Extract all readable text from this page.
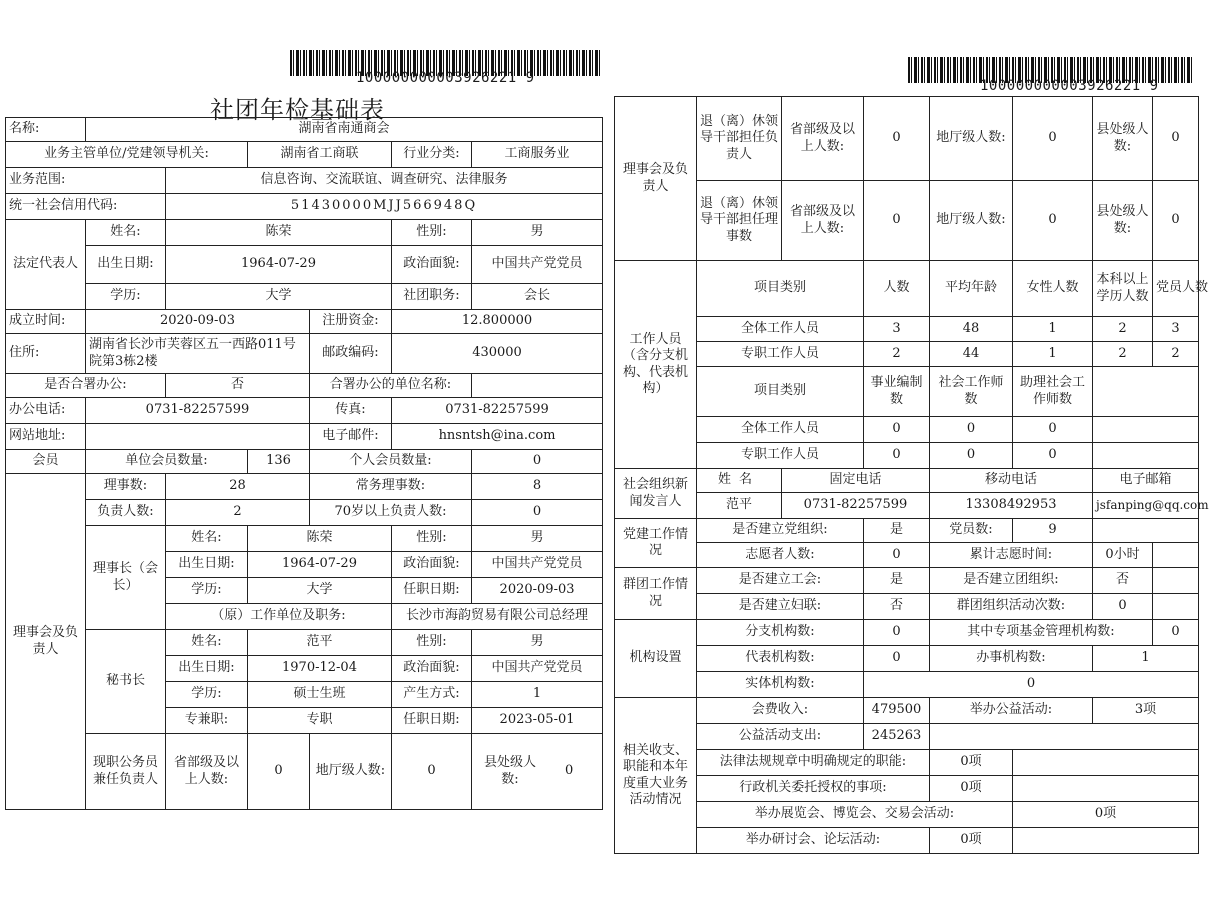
100000000003926221 9
社团年检基础表
名称:	湖南省南通商会					
业务主管单位/党建领导机关:			湖南省工商联		行业分类:	工商服务业
业务范围:		信息咨询、交流联谊、调查研究、法律服务				
统一社会信用代码:		51430000MJJ566948Q				
法定代表人	姓名:	陈荣			性别:	男
	出生日期:	1964-07-29			政治面貌:	中国共产党党员
	学历:	大学			社团职务:	会长
成立时间:	2020-09-03			注册资金:	12.800000	
住所:	湖南省长沙市芙蓉区五一西路011号院第3栋2楼			邮政编码:	430000	
是否合署办公:		否		合署办公的单位名称:		
办公电话:	0731-82257599			传真:	0731-82257599	
网站地址:				电子邮件:	hnsntsh@ina.com	
会员	单位会员数量:		136	个人会员数量:		0
理事会及负责人	理事数:	28		常务理事数:		8
	负责人数:	2		70岁以上负责人数:		0
	理事长（会长）	姓名:	陈荣		性别:	男
		出生日期:	1964-07-29		政治面貌:	中国共产党党员
		学历:	大学		任职日期:	2020-09-03
		（原）工作单位及职务:			长沙市海韵贸易有限公司总经理	
	秘书长	姓名:	范平		性别:	男
		出生日期:	1970-12-04		政治面貌:	中国共产党党员
		学历:	硕士生班		产生方式:	1
		专兼职:	专职		任职日期:	2023-05-01
	现职公务员兼任负责人	省部级及以上人数:	0	地厅级人数:	0	县处级人数: 0
100000000003926221 9
理事会及负责人	退（离）休领导干部担任负责人	省部级及以上人数:	0	地厅级人数:	0	县处级人数:	0
	退（离）休领导干部担任理事数	省部级及以上人数:	0	地厅级人数:	0	县处级人数:	0
工作人员（含分支机构、代表机构）	项目类别		人数	平均年龄	女性人数	本科以上学历人数	党员人数
	全体工作人员		3	48	1	2	3
	专职工作人员		2	44	1	2	2
	项目类别		事业编制数	社会工作师数	助理社会工作师数		
	全体工作人员		0	0	0		
	专职工作人员		0	0	0		
社会组织新闻发言人	姓名	固定电话		移动电话		电子邮箱	
	范平	0731-82257599		13308492953		jsfanping@qq.com	
党建工作情况	是否建立党组织:		是	党员数:	9		
	志愿者人数:		0	累计志愿时间:		0小时	
群团工作情况	是否建立工会:		是	是否建立团组织:		否	
	是否建立妇联:		否	群团组织活动次数:		0	
机构设置	分支机构数:		0	其中专项基金管理机构数:			0
	代表机构数:		0	办事机构数:		1	
	实体机构数:		0				
相关收支、职能和本年度重大业务活动情况	会费收入:		479500	举办公益活动:		3项	
	公益活动支出:		245263				
	法律法规规章中明确规定的职能:			0项			
	行政机关委托授权的事项:			0项			
	举办展览会、博览会、交易会活动:				0项		
	举办研讨会、论坛活动:			0项			
